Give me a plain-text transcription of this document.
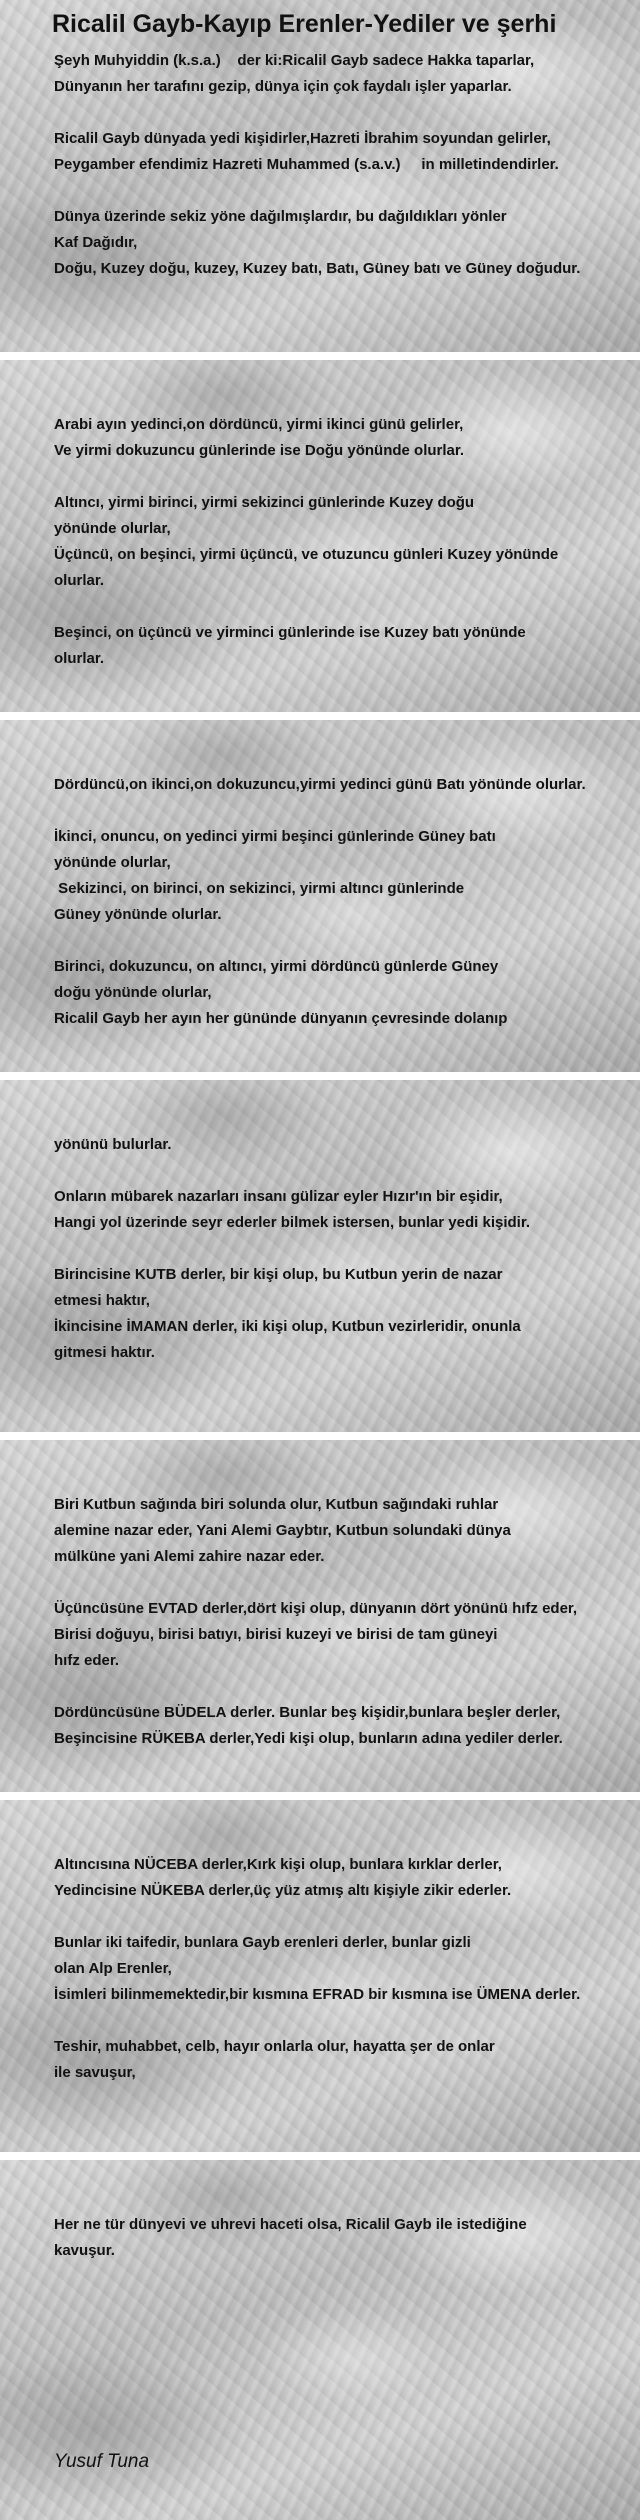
Ricalil Gayb-Kayıp Erenler-Yediler ve şerhi
Şeyh Muhyiddin (k.s.a.)    der ki:Ricalil Gayb sadece Hakka taparlar,
Dünyanın her tarafını gezip, dünya için çok faydalı işler yaparlar.
Ricalil Gayb dünyada yedi kişidirler,Hazreti İbrahim soyundan gelirler,
Peygamber efendimiz Hazreti Muhammed (s.a.v.)     in milletindendirler.
Dünya üzerinde sekiz yöne dağılmışlardır, bu dağıldıkları yönler
Kaf Dağıdır,
Doğu, Kuzey doğu, kuzey, Kuzey batı, Batı, Güney batı ve Güney doğudur.
Arabi ayın yedinci,on dördüncü, yirmi ikinci günü gelirler,
Ve yirmi dokuzuncu günlerinde ise Doğu yönünde olurlar.
Altıncı, yirmi birinci, yirmi sekizinci günlerinde Kuzey doğu
yönünde olurlar,
Üçüncü, on beşinci, yirmi üçüncü, ve otuzuncu günleri Kuzey yönünde
olurlar.
Beşinci, on üçüncü ve yirminci günlerinde ise Kuzey batı yönünde
olurlar.
Dördüncü,on ikinci,on dokuzuncu,yirmi yedinci günü Batı yönünde olurlar.
İkinci, onuncu, on yedinci yirmi beşinci günlerinde Güney batı
yönünde olurlar,
Sekizinci, on birinci, on sekizinci, yirmi altıncı günlerinde
Güney yönünde olurlar.
Birinci, dokuzuncu, on altıncı, yirmi dördüncü günlerde Güney
doğu yönünde olurlar,
Ricalil Gayb her ayın her gününde dünyanın çevresinde dolanıp
yönünü bulurlar.
Onların mübarek nazarları insanı gülizar eyler Hızır'ın bir eşidir,
Hangi yol üzerinde seyr ederler bilmek istersen, bunlar yedi kişidir.
Birincisine KUTB derler, bir kişi olup, bu Kutbun yerin de nazar
etmesi haktır,
İkincisine İMAMAN derler, iki kişi olup, Kutbun vezirleridir, onunla
gitmesi haktır.
Biri Kutbun sağında biri solunda olur, Kutbun sağındaki ruhlar
alemine nazar eder, Yani Alemi Gaybtır, Kutbun solundaki dünya
mülküne yani Alemi zahire nazar eder.
Üçüncüsüne EVTAD derler,dört kişi olup, dünyanın dört yönünü hıfz eder,
Birisi doğuyu, birisi batıyı, birisi kuzeyi ve birisi de tam güneyi
hıfz eder.
Dördüncüsüne BÜDELA derler. Bunlar beş kişidir,bunlara beşler derler,
Beşincisine RÜKEBA derler,Yedi kişi olup, bunların adına yediler derler.
Altıncısına NÜCEBA derler,Kırk kişi olup, bunlara kırklar derler,
Yedincisine NÜKEBA derler,üç yüz atmış altı kişiyle zikir ederler.
Bunlar iki taifedir, bunlara Gayb erenleri derler, bunlar gizli
olan Alp Erenler,
İsimleri bilinmemektedir,bir kısmına EFRAD bir kısmına ise ÜMENA derler.
Teshir, muhabbet, celb, hayır onlarla olur, hayatta şer de onlar
ile savuşur,
Her ne tür dünyevi ve uhrevi haceti olsa, Ricalil Gayb ile istediğine
kavuşur.
Yusuf Tuna
